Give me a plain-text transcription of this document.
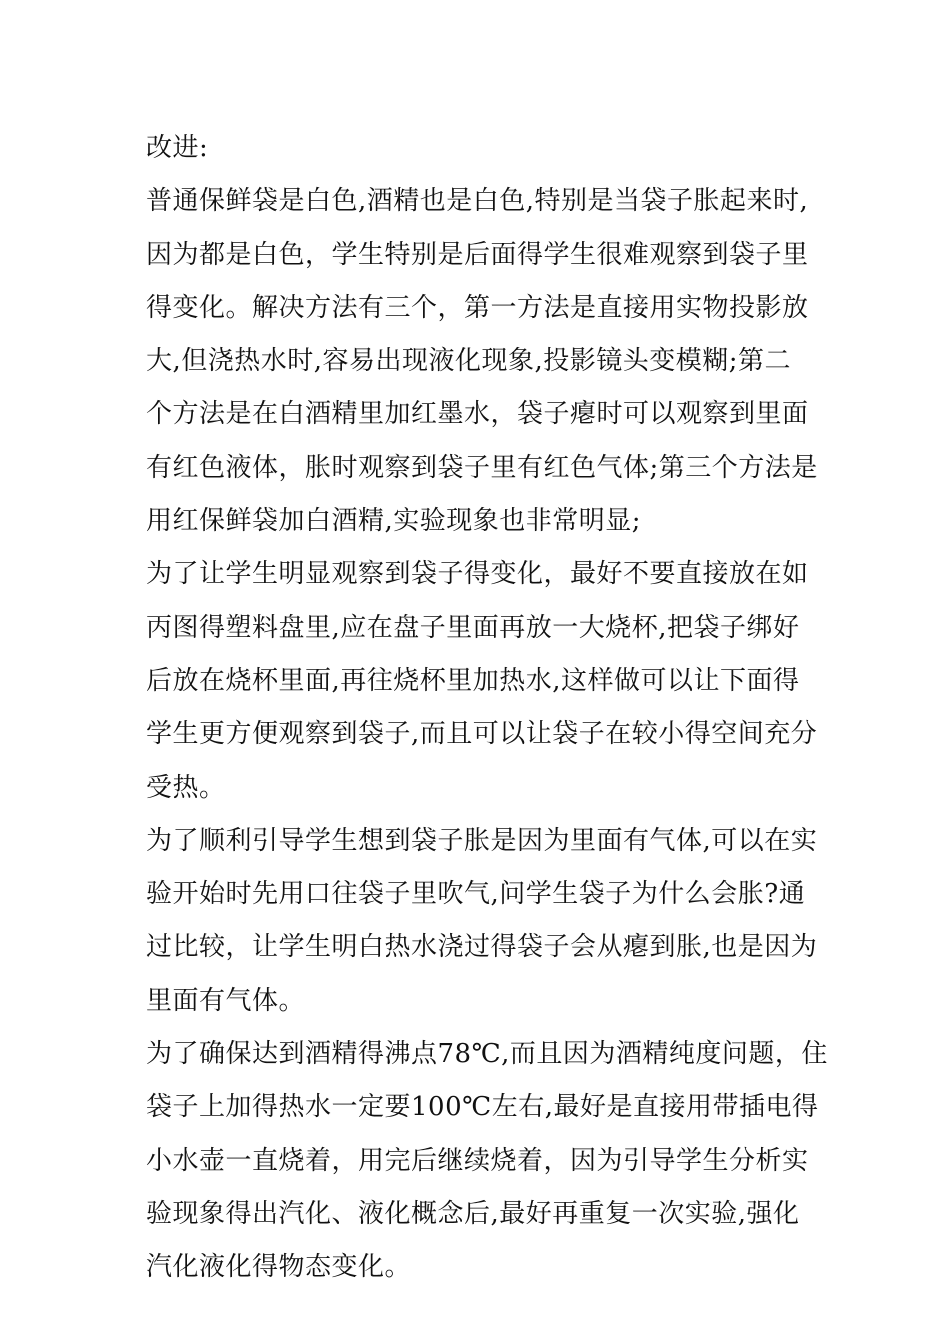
改进:
普通保鲜袋是白色,酒精也是白色,特别是当袋子胀起来时,
因为都是白色，学生特别是后面得学生很难观察到袋子里
得变化。解决方法有三个，第一方法是直接用实物投影放
大,但浇热水时,容易出现液化现象,投影镜头变模糊;第二
个方法是在白酒精里加红墨水，袋子瘪时可以观察到里面
有红色液体，胀时观察到袋子里有红色气体;第三个方法是
用红保鲜袋加白酒精,实验现象也非常明显;
为了让学生明显观察到袋子得变化，最好不要直接放在如
丙图得塑料盘里,应在盘子里面再放一大烧杯,把袋子绑好
后放在烧杯里面,再往烧杯里加热水,这样做可以让下面得
学生更方便观察到袋子,而且可以让袋子在较小得空间充分
受热。
为了顺利引导学生想到袋子胀是因为里面有气体,可以在实
验开始时先用口往袋子里吹气,问学生袋子为什么会胀?通
过比较，让学生明白热水浇过得袋子会从瘪到胀,也是因为
里面有气体。
为了确保达到酒精得沸点78℃,而且因为酒精纯度问题，住
袋子上加得热水一定要100℃左右,最好是直接用带插电得
小水壶一直烧着，用完后继续烧着，因为引导学生分析实
验现象得出汽化、液化概念后,最好再重复一次实验,强化
汽化液化得物态变化。
